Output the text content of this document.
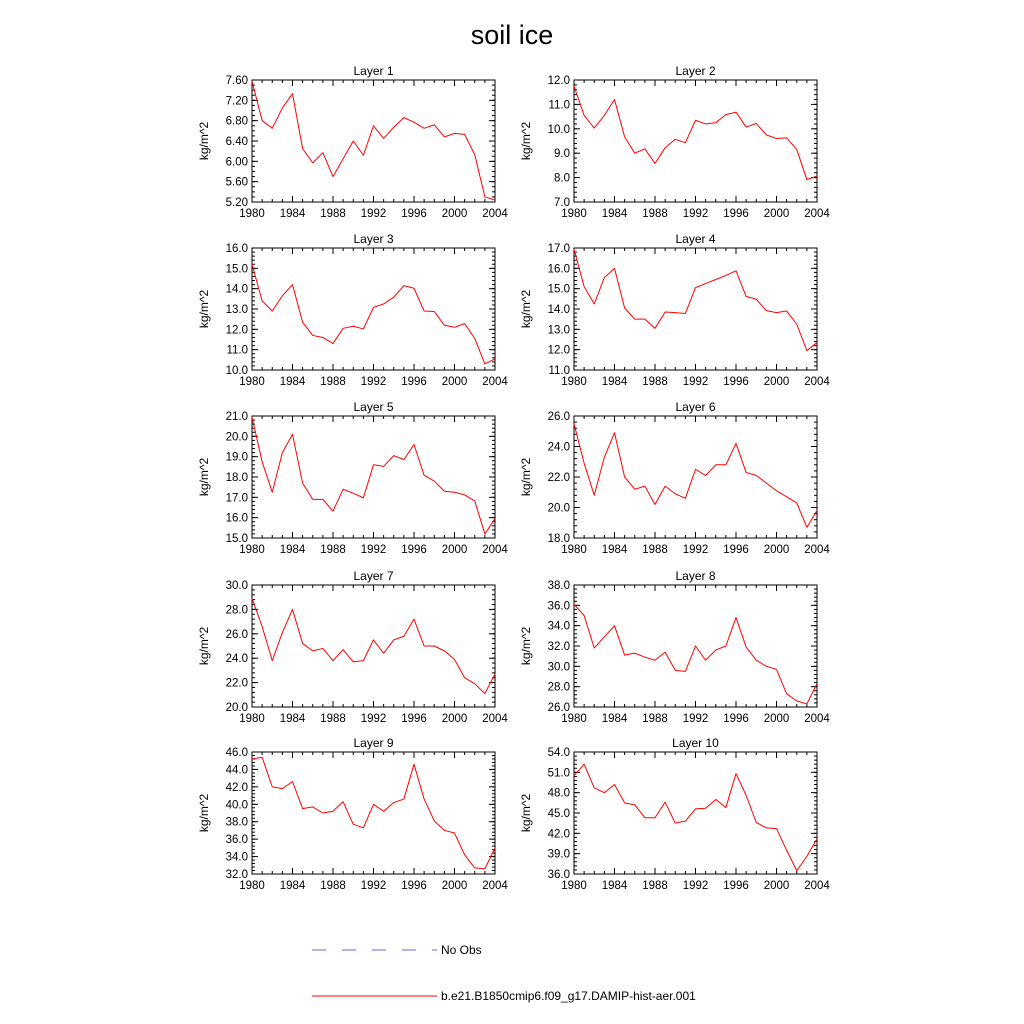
soil ice
Layer 1
kg/m^2
5.20
5.60
6.00
6.40
6.80
7.20
7.60
1980 1984 1988 1992 1996 2000 2004
Layer 2
kg/m^2
7.0
8.0
9.0
10.0
11.0
12.0
1980 1984 1988 1992 1996 2000 2004
Layer 3
kg/m^2
10.0
11.0
12.0
13.0
14.0
15.0
16.0
1980 1984 1988 1992 1996 2000 2004
Layer 4
kg/m^2
11.0
12.0
13.0
14.0
15.0
16.0
17.0
1980 1984 1988 1992 1996 2000 2004
Layer 5
kg/m^2
15.0
16.0
17.0
18.0
19.0
20.0
21.0
1980 1984 1988 1992 1996 2000 2004
Layer 6
kg/m^2
18.0
20.0
22.0
24.0
26.0
1980 1984 1988 1992 1996 2000 2004
Layer 7
kg/m^2
20.0
22.0
24.0
26.0
28.0
30.0
1980 1984 1988 1992 1996 2000 2004
Layer 8
kg/m^2
26.0
28.0
30.0
32.0
34.0
36.0
38.0
1980 1984 1988 1992 1996 2000 2004
Layer 9
kg/m^2
32.0
34.0
36.0
38.0
40.0
42.0
44.0
46.0
1980 1984 1988 1992 1996 2000 2004
Layer 10
kg/m^2
36.0
39.0
42.0
45.0
48.0
51.0
54.0
1980 1984 1988 1992 1996 2000 2004
No Obs
b.e21.B1850cmip6.f09_g17.DAMIP-hist-aer.001
